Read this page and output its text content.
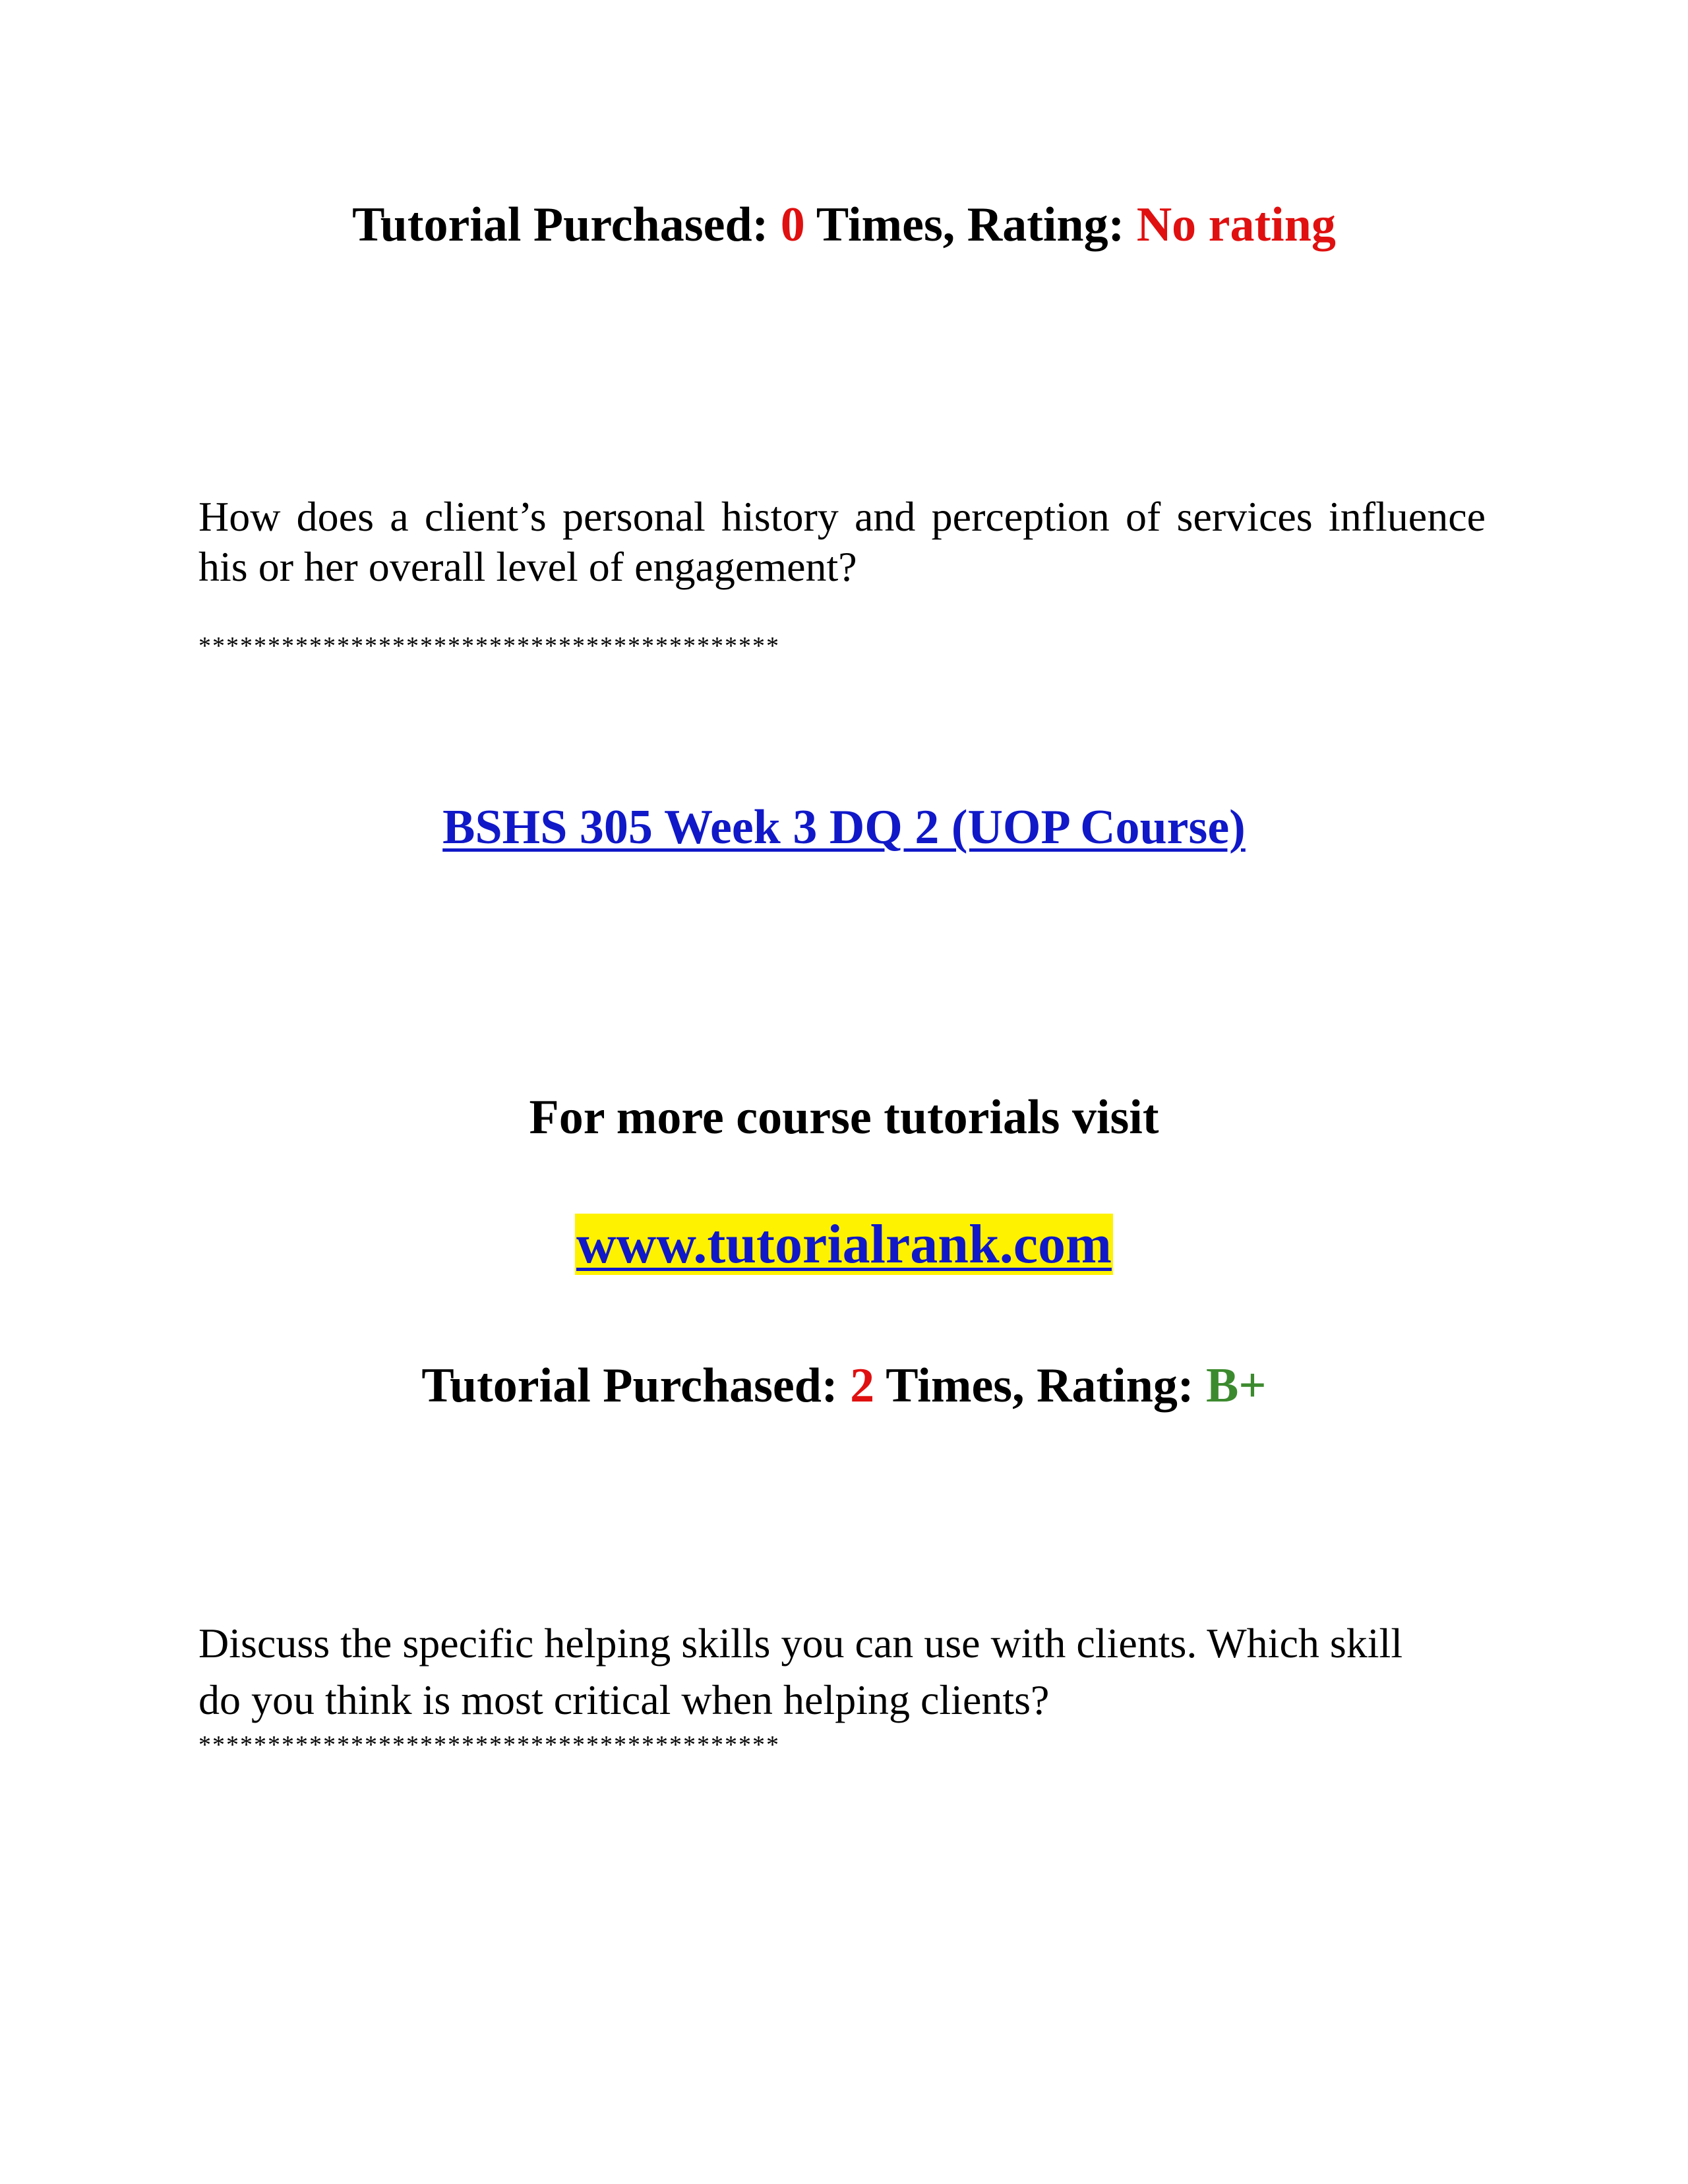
Tutorial Purchased: 0 Times, Rating: No rating
How does a client’s personal history and perception of services influence his or her overall level of engagement?
******************************************
BSHS 305 Week 3 DQ 2 (UOP Course)
For more course tutorials visit
www.tutorialrank.com
Tutorial Purchased: 2 Times, Rating: B+
Discuss the specific helping skills you can use with clients. Which skill
do you think is most critical when helping clients?
******************************************
